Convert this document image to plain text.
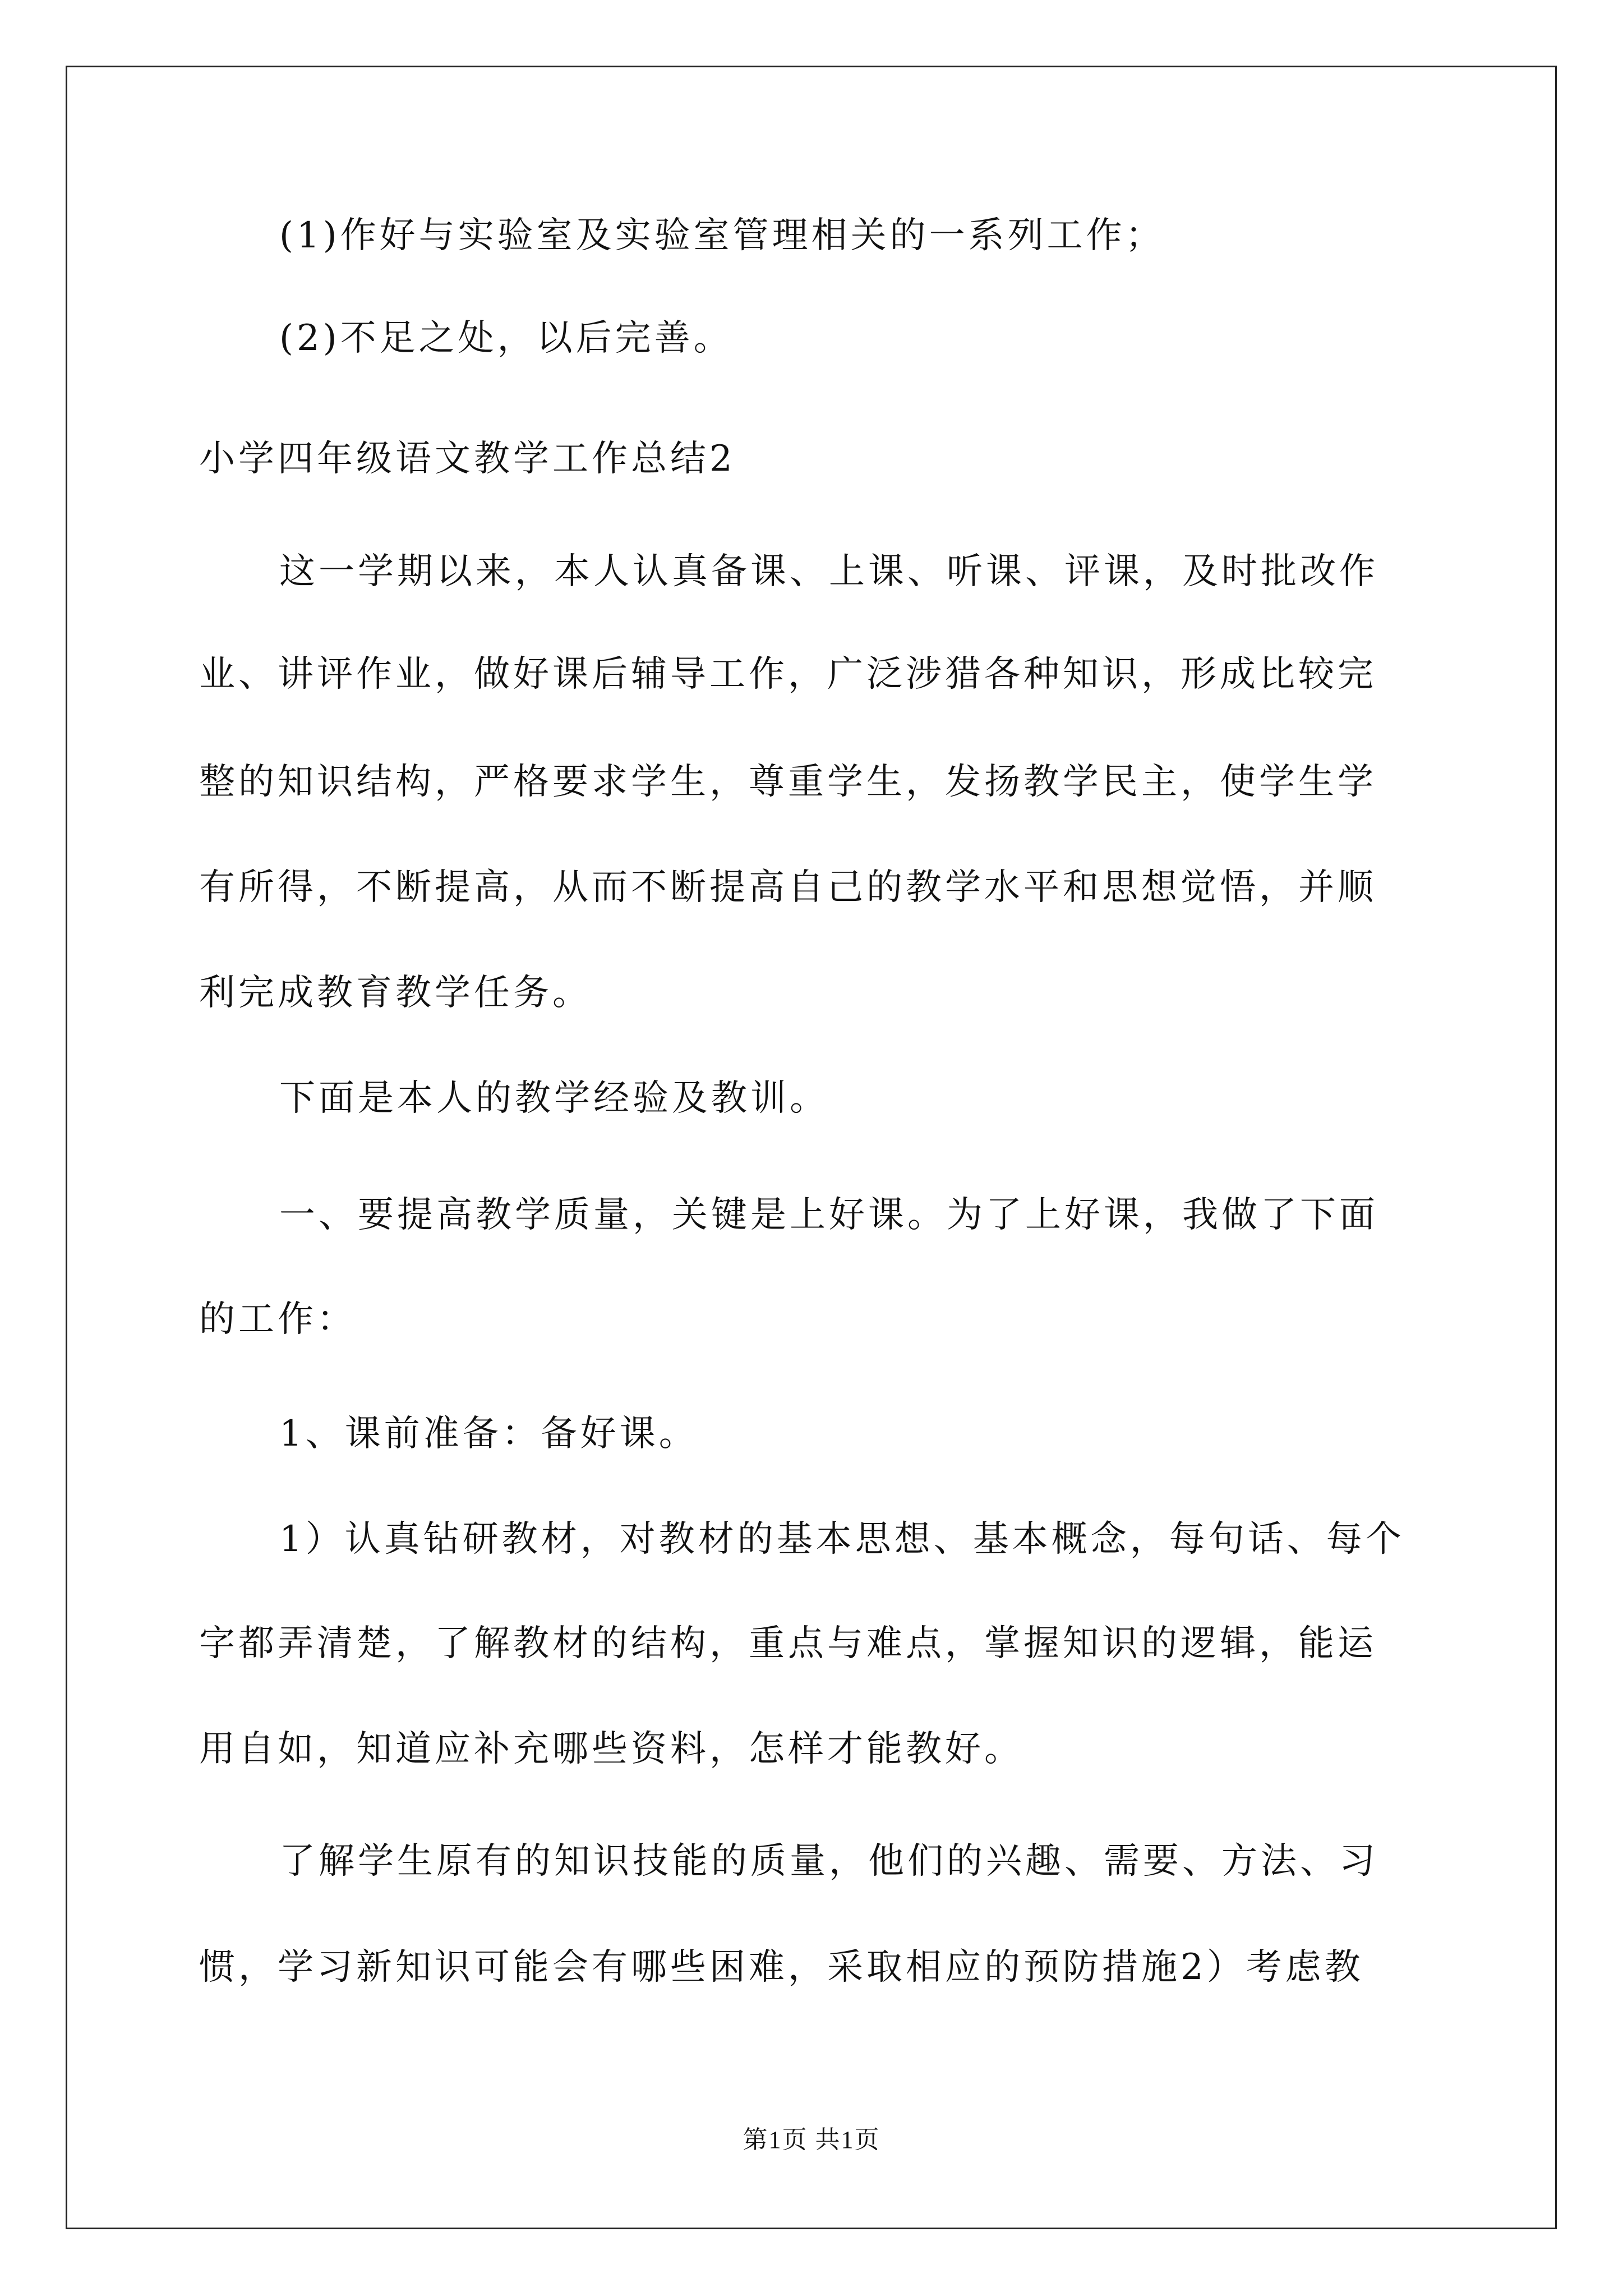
(1)作好与实验室及实验室管理相关的一系列工作；
(2)不足之处，以后完善。
小学四年级语文教学工作总结2
这一学期以来，本人认真备课、上课、听课、评课，及时批改作
业、讲评作业，做好课后辅导工作，广泛涉猎各种知识，形成比较完
整的知识结构，严格要求学生，尊重学生，发扬教学民主，使学生学
有所得，不断提高，从而不断提高自己的教学水平和思想觉悟，并顺
利完成教育教学任务。
下面是本人的教学经验及教训。
一、要提高教学质量，关键是上好课。为了上好课，我做了下面
的工作：
1、课前准备：备好课。
1）认真钻研教材，对教材的基本思想、基本概念，每句话、每个
字都弄清楚，了解教材的结构，重点与难点，掌握知识的逻辑，能运
用自如，知道应补充哪些资料，怎样才能教好。
了解学生原有的知识技能的质量，他们的兴趣、需要、方法、习
惯，学习新知识可能会有哪些困难，采取相应的预防措施2）考虑教
第1页 共1页
